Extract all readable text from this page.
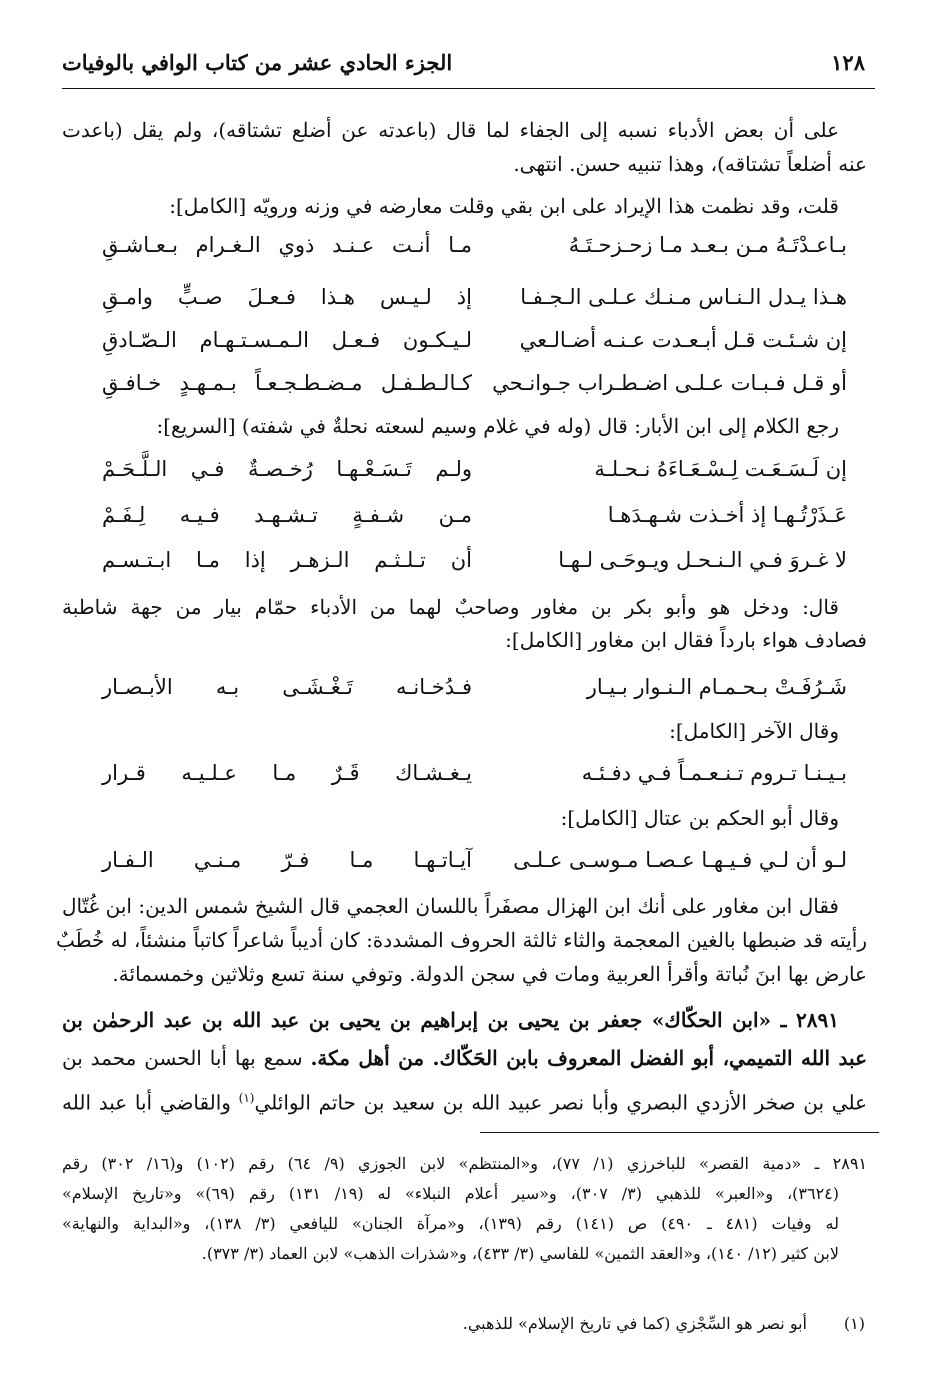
١٢٨
الجزء الحادي عشر من كتاب الوافي بالوفيات
على أن بعض الأدباء نسبه إلى الجفاء لما قال (باعدته عن أضلع تشتاقه)، ولم يقل (باعدت
عنه أضلعاً تشتاقه)، وهذا تنبيه حسن. انتهى.
قلت، وقد نظمت هذا الإيراد على ابن بقي وقلت معارضه في وزنه ورويّه [الكامل]:
بـاعـدْتَـهُ مـن بـعـد مـا زحـزحـتَـهُ
مـا أنـت عـنـد ذوي الـغـرام بـعـاشـقِ
هـذا يـدل الـنـاس مـنـك عـلـى الـجـفـا
إذ لـيـس هـذا فـعـلَ صـبٍّ وامـقِ
إن شـئـت قـل أبـعـدت عـنـه أضـالـعي
لـيـكـون فـعـل الـمـسـتـهـام الـصّـادقِ
أو قـل فـبـات عـلـى اضـطـراب جـوانـحي
كـالـطـفـل مـضـطـجـعـاً بـمـهـدٍ خـافـقِ
رجع الكلام إلى ابن الأبار: قال (وله في غلام وسيم لسعته نحلةٌ في شفته) [السريع]:
إن لَـسَـعَـت لِـسْـعَـاءَهُ نـحـلـة
ولـم تَـسَـعْـهـا رُخـصـةٌ فـي الـلَّـحَـمْ
عَـذَرْتُـهـا إذ أخـذت شـهـدَهـا
مـن شـفـةٍ تـشـهـد فـيـه لِـفَـمْ
لا غـروَ فـي الـنـحـل ويـوحَـى لـهـا
أن تـلـثـم الـزهـر إذا مـا ابـتـسـم
قال: ودخل هو وأبو بكر بن مغاور وصاحبٌ لهما من الأدباء حمّام بيار من جهة شاطبة
فصادف هواء بارداً فقال ابن مغاور [الكامل]:
شَـرُفَـتْ بـحـمـام الـنـوار بـيـار
فـدُخـانـه تَـغْـشَـى بـه الأبـصـار
وقال الآخر [الكامل]:
بـيـنـا تـروم تـنـعـمـاً فـي دفـئـه
يـغـشـاك قَـرٌ مـا عـلـيـه قـرار
وقال أبو الحكم بن عتال [الكامل]:
لـو أن لـي فـيـهـا عـصـا مـوسـى عـلـى
آيـاتـهـا مـا فـرّ مـنـي الـفـار
فقال ابن مغاور على أنك ابن الهزال مصفَراً باللسان العجمي قال الشيخ شمس الدين: ابن غُتّال
رأيته قد ضبطها بالغين المعجمة والثاء ثالثة الحروف المشددة: كان أديباً شاعراً كاتباً منشئاً، له خُطَبٌ
عارض بها ابنَ نُباتة وأقرأ العربية ومات في سجن الدولة. وتوفي سنة تسع وثلاثين وخمسمائة.
٢٨٩١ ـ «ابن الحكّاك» جعفر بن يحيى بن إبراهيم بن يحيى بن عبد الله بن عبد الرحمٰن بن
عبد الله التميمي، أبو الفضل المعروف بابن الحَكّاك. من أهل مكة. سمع بها أبا الحسن محمد بن
علي بن صخر الأزدي البصري وأبا نصر عبيد الله بن سعيد بن حاتم الوائلي$^{(١)}$ والقاضي أبا عبد الله
٢٨٩١ ـ «دمية القصر» للباخرزي (١/ ٧٧)، و«المنتظم» لابن الجوزي (٩/ ٦٤) رقم (١٠٢) و(١٦/ ٣٠٢) رقم
(٣٦٢٤)، و«العبر» للذهبي (٣/ ٣٠٧)، و«سير أعلام النبلاء» له (١٩/ ١٣١) رقم (٦٩)» و«تاريخ الإسلام»
له وفيات (٤٨١ ـ ٤٩٠) ص (١٤١) رقم (١٣٩)، و«مرآة الجنان» لليافعي (٣/ ١٣٨)، و«البداية والنهاية»
لابن كثير (١٢/ ١٤٠)، و«العقد الثمين» للفاسي (٣/ ٤٣٣)، و«شذرات الذهب» لابن العماد (٣/ ٣٧٣).
(١)
أبو نصر هو السِّجْزي (كما في تاريخ الإسلام» للذهبي.
